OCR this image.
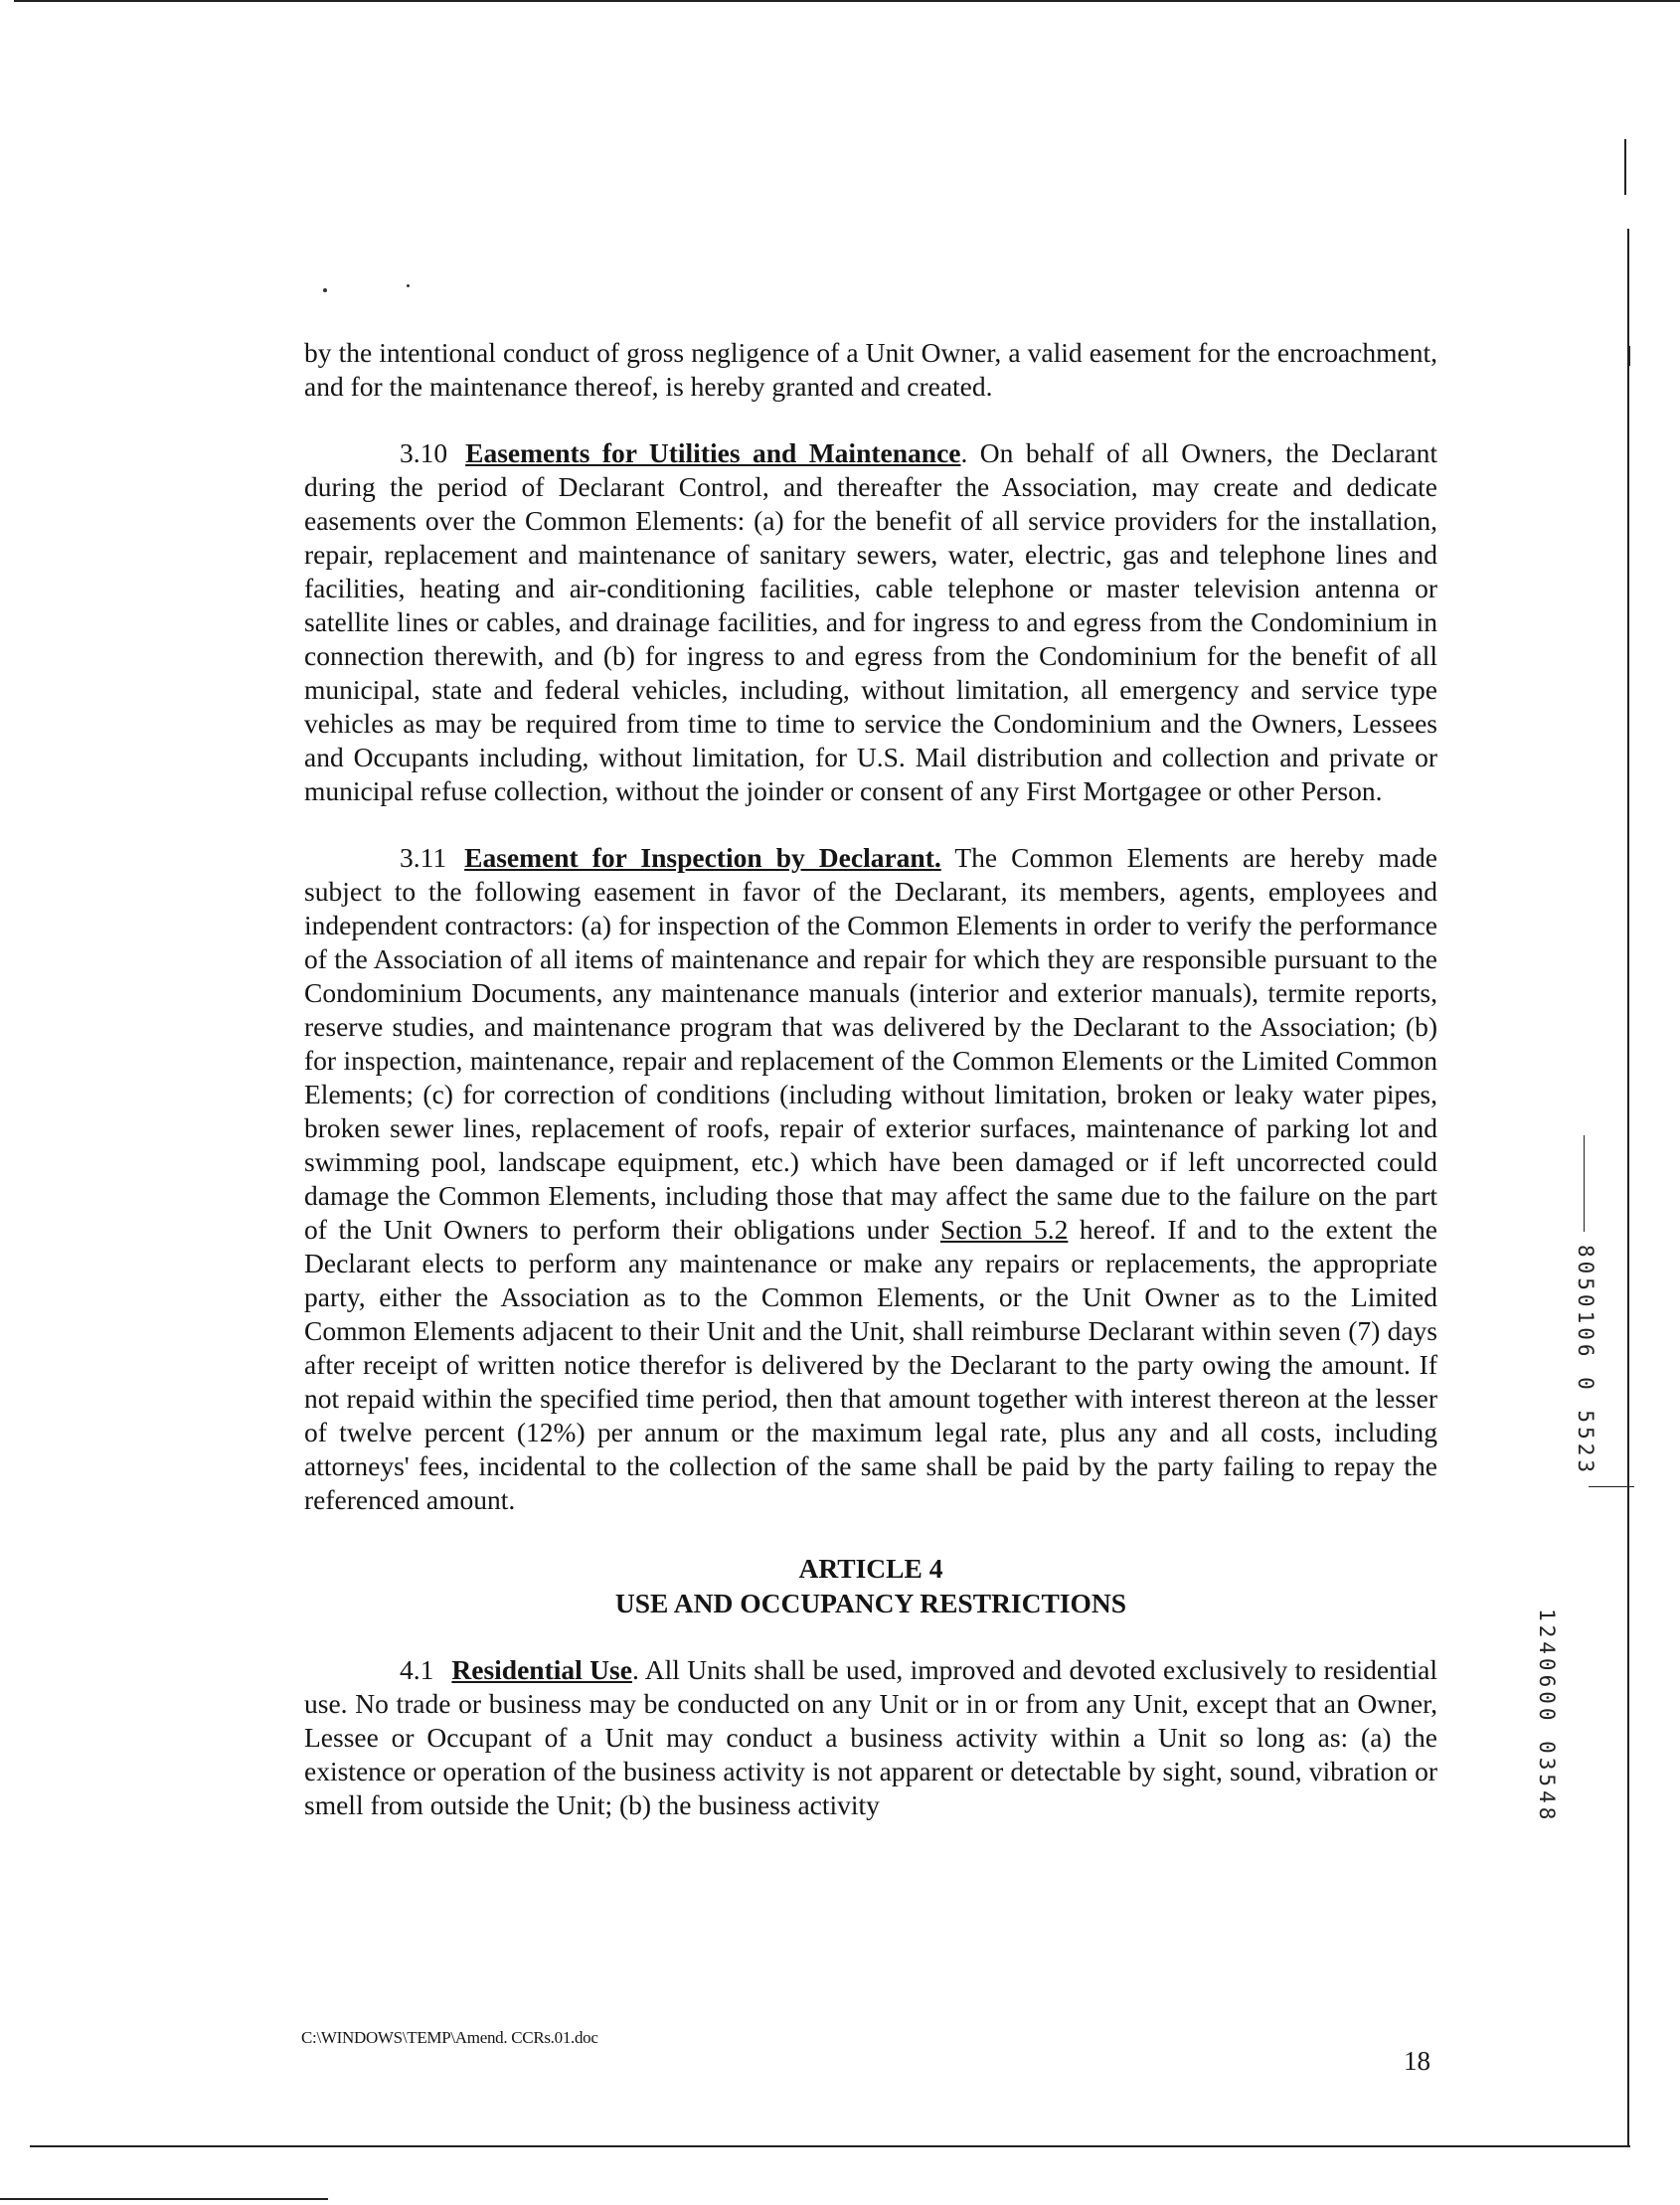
by the intentional conduct of gross negligence of a Unit Owner, a valid easement for the encroachment, and for the maintenance thereof, is hereby granted and created.

3.10 Easements for Utilities and Maintenance. On behalf of all Owners, the Declarant during the period of Declarant Control, and thereafter the Association, may create and dedicate easements over the Common Elements: (a) for the benefit of all service providers for the installation, repair, replacement and maintenance of sanitary sewers, water, electric, gas and telephone lines and facilities, heating and air-conditioning facilities, cable telephone or master television antenna or satellite lines or cables, and drainage facilities, and for ingress to and egress from the Condominium in connection therewith, and (b) for ingress to and egress from the Condominium for the benefit of all municipal, state and federal vehicles, including, without limitation, all emergency and service type vehicles as may be required from time to time to service the Condominium and the Owners, Lessees and Occupants including, without limitation, for U.S. Mail distribution and collection and private or municipal refuse collection, without the joinder or consent of any First Mortgagee or other Person.

3.11 Easement for Inspection by Declarant. The Common Elements are hereby made subject to the following easement in favor of the Declarant, its members, agents, employees and independent contractors: (a) for inspection of the Common Elements in order to verify the performance of the Association of all items of maintenance and repair for which they are responsible pursuant to the Condominium Documents, any maintenance manuals (interior and exterior manuals), termite reports, reserve studies, and maintenance program that was delivered by the Declarant to the Association; (b) for inspection, maintenance, repair and replacement of the Common Elements or the Limited Common Elements; (c) for correction of conditions (including without limitation, broken or leaky water pipes, broken sewer lines, replacement of roofs, repair of exterior surfaces, maintenance of parking lot and swimming pool, landscape equipment, etc.) which have been damaged or if left uncorrected could damage the Common Elements, including those that may affect the same due to the failure on the part of the Unit Owners to perform their obligations under Section 5.2 hereof. If and to the extent the Declarant elects to perform any maintenance or make any repairs or replacements, the appropriate party, either the Association as to the Common Elements, or the Unit Owner as to the Limited Common Elements adjacent to their Unit and the Unit, shall reimburse Declarant within seven (7) days after receipt of written notice therefor is delivered by the Declarant to the party owing the amount. If not repaid within the specified time period, then that amount together with interest thereon at the lesser of twelve percent (12%) per annum or the maximum legal rate, plus any and all costs, including attorneys' fees, incidental to the collection of the same shall be paid by the party failing to repay the referenced amount.

ARTICLE 4
USE AND OCCUPANCY RESTRICTIONS

4.1 Residential Use. All Units shall be used, improved and devoted exclusively to residential use. No trade or business may be conducted on any Unit or in or from any Unit, except that an Owner, Lessee or Occupant of a Unit may conduct a business activity within a Unit so long as: (a) the existence or operation of the business activity is not apparent or detectable by sight, sound, vibration or smell from outside the Unit; (b) the business activity

C:\WINDOWS\TEMP\Amend. CCRs.01.doc
18
8050106 0 5523
1240600 03548
